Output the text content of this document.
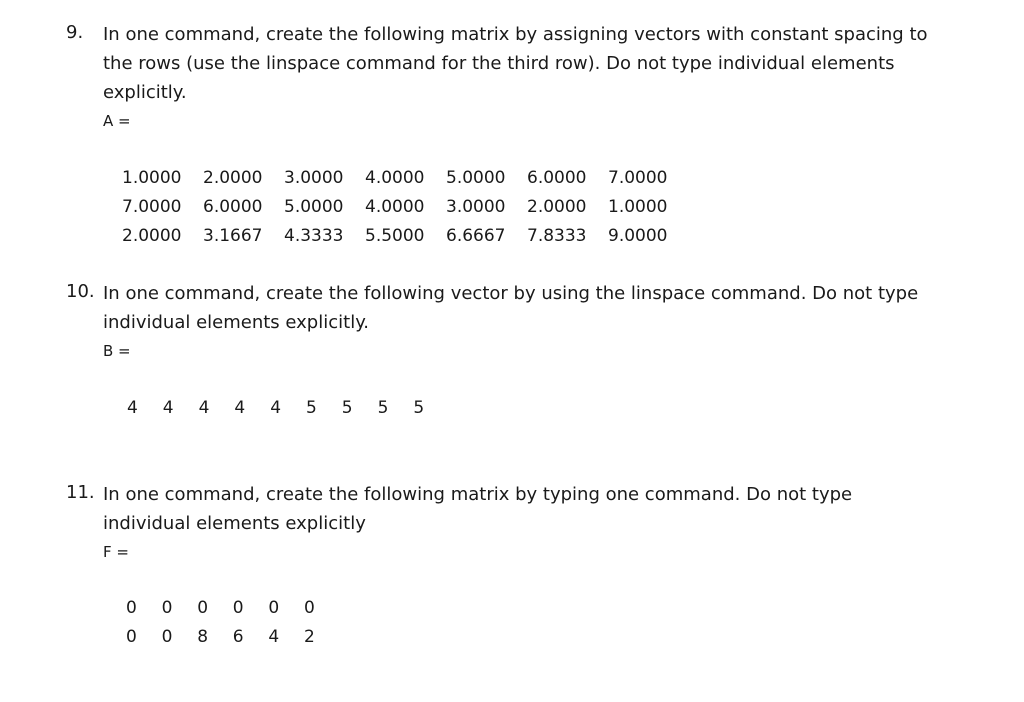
9. In one command, create the following matrix by assigning vectors with constant spacing to
the rows (use the linspace command for the third row). Do not type individual elements
explicitly.

A =
1.0000	2.0000	3.0000	4.0000	5.0000	6.0000	7.0000
7.0000	6.0000	5.0000	4.0000	3.0000	2.0000	1.0000
2.0000	3.1667	4.3333	5.5000	6.6667	7.8333	9.0000
10. In one command, create the following vector by using the linspace command. Do not type
individual elements explicitly.

B =
4	4	4	4	4	5	5	5	5
11. In one command, create the following matrix by typing one command. Do not type
individual elements explicitly

F =
0	0	0	0	0	0
0	0	8	6	4	2
